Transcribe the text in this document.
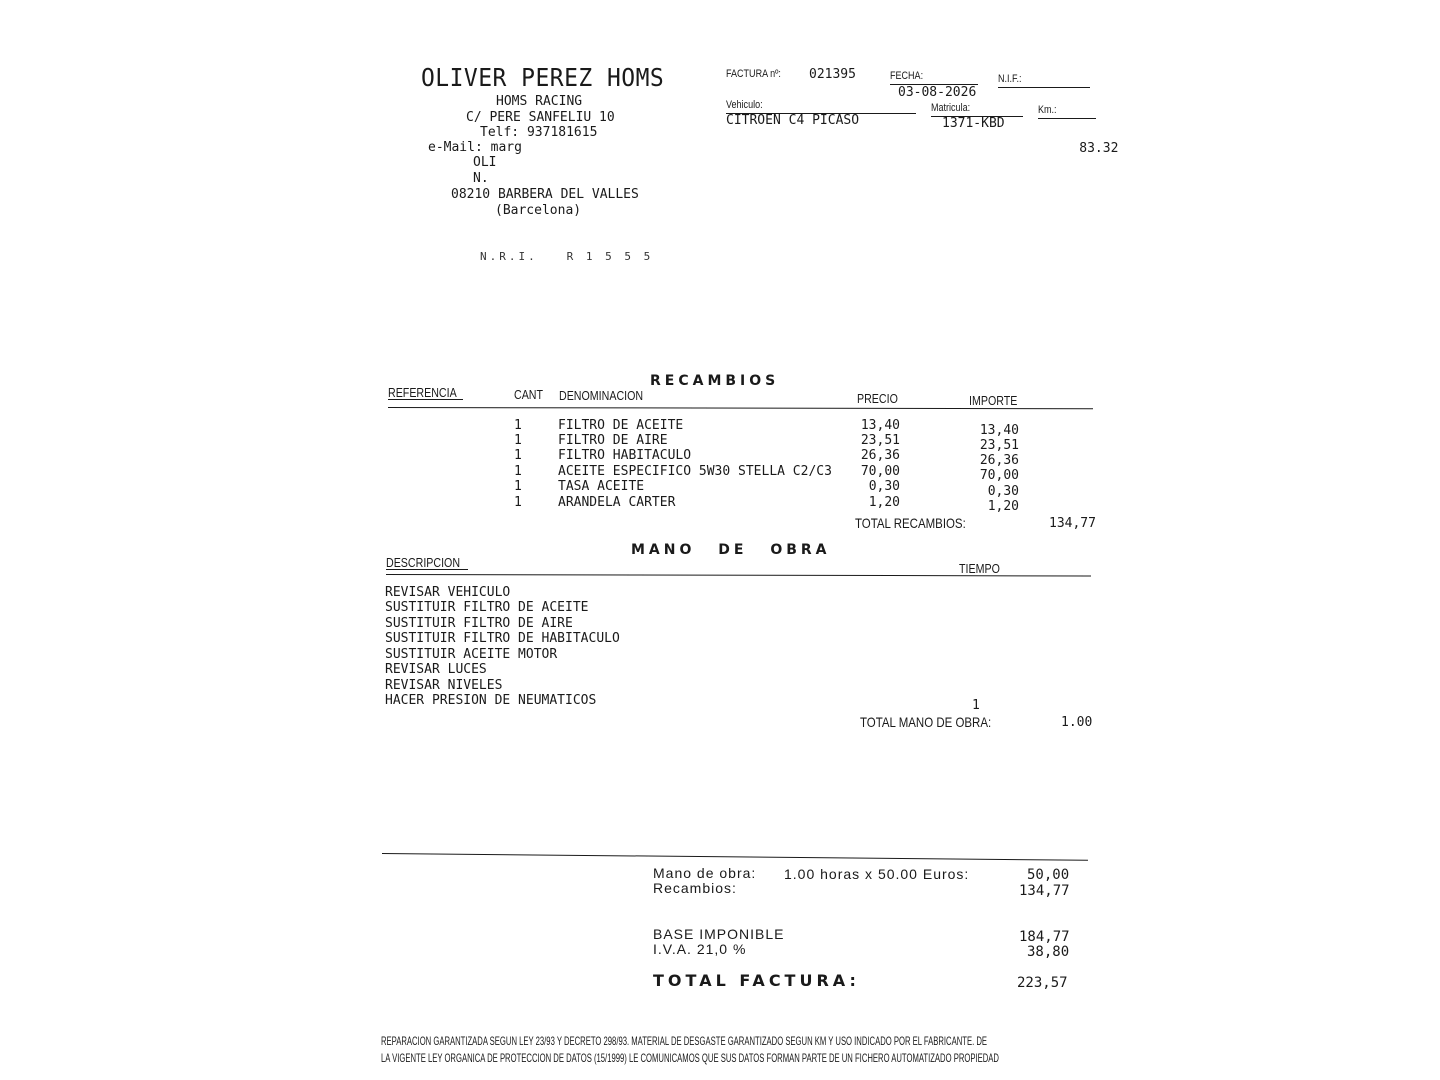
OLIVER PEREZ HOMS
HOMS RACING
C/ PERE SANFELIU 10
Telf: 937181615
e-Mail: marg
OLI
N.
08210 BARBERA DEL VALLES
(Barcelona)

N.R.I.   R 1 5 5 5

FACTURA nº: 021395	FECHA:
03-08-2026
N.I.F.:
Vehiculo:
CITROEN C4 PICASO
Matricula:
1371-KBD
Km.:

83.32

RECAMBIOS
REFERENCIA	CANT DENOMINACION	PRECIO	IMPORTE
1	FILTRO DE ACEITE	13,40	13,40
1	FILTRO DE AIRE	23,51	23,51
1	FILTRO HABITACULO	26,36	26,36
1	ACEITE ESPECIFICO 5W30 STELLA C2/C3 70,00	70,00
1	TASA ACEITE	0,30	0,30
1	ARANDELA CARTER	1,20	1,20
TOTAL RECAMBIOS:	134,77
MANO DE OBRA
DESCRIPCION	TIEMPO
REVISAR VEHICULO
SUSTITUIR FILTRO DE ACEITE
SUSTITUIR FILTRO DE AIRE
SUSTITUIR FILTRO DE HABITACULO
SUSTITUIR ACEITE MOTOR
REVISAR LUCES
REVISAR NIVELES
HACER PRESION DE NEUMATICOS	1
TOTAL MANO DE OBRA:	1.00
Mano de obra: 1.00 horas x 50.00 Euros:	50,00
Recambios:	134,77
BASE IMPONIBLE	184,77
I.V.A. 21,0 %	38,80
TOTAL FACTURA:	223,57
REPARACION GARANTIZADA SEGUN LEY 23/93 Y DECRETO 298/93. MATERIAL DE DESGASTE GARANTIZADO SEGUN KM Y USO INDICADO POR EL FABRICANTE. DE
LA VIGENTE LEY ORGANICA DE PROTECCION DE DATOS (15/1999) LE COMUNICAMOS QUE SUS DATOS FORMAN PARTE DE UN FICHERO AUTOMATIZADO PROPIEDAD
